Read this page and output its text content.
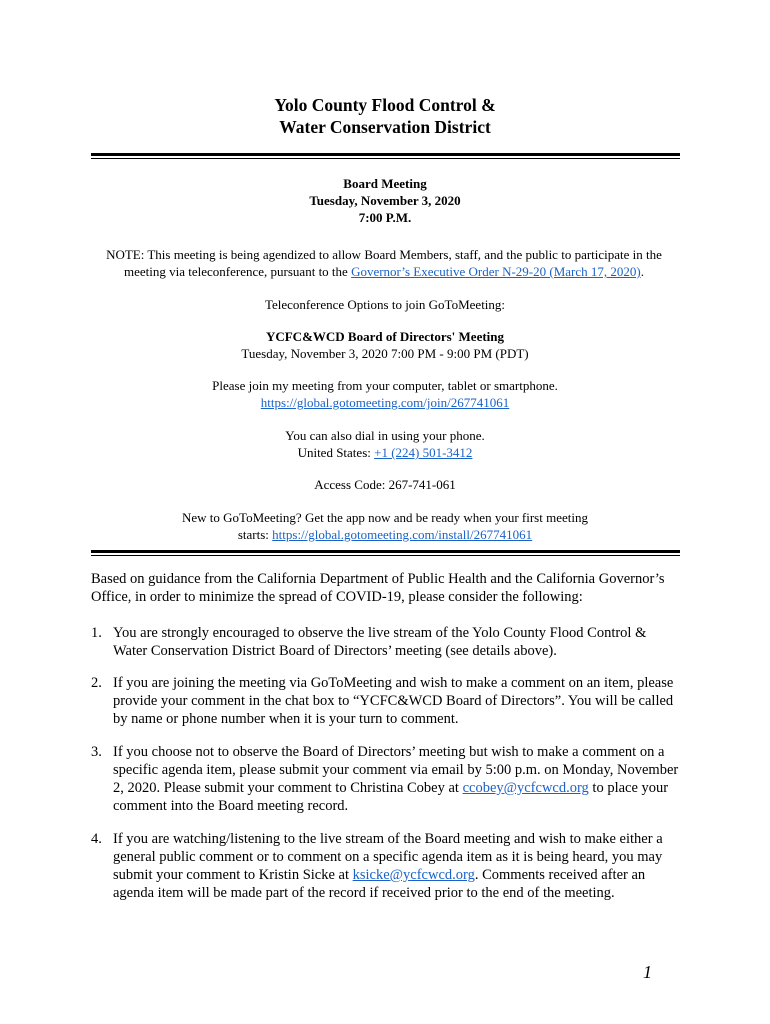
Yolo County Flood Control &
Water Conservation District
Board Meeting
Tuesday, November 3, 2020
7:00 P.M.
NOTE: This meeting is being agendized to allow Board Members, staff, and the public to participate in the meeting via teleconference, pursuant to the Governor’s Executive Order N-29-20 (March 17, 2020).
Teleconference Options to join GoToMeeting:
YCFC&WCD Board of Directors' Meeting
Tuesday, November 3, 2020 7:00 PM - 9:00 PM (PDT)
Please join my meeting from your computer, tablet or smartphone.
https://global.gotomeeting.com/join/267741061
You can also dial in using your phone.
United States: +1 (224) 501-3412
Access Code: 267-741-061
New to GoToMeeting? Get the app now and be ready when your first meeting
starts: https://global.gotomeeting.com/install/267741061
Based on guidance from the California Department of Public Health and the California Governor’s Office, in order to minimize the spread of COVID-19, please consider the following:
1. You are strongly encouraged to observe the live stream of the Yolo County Flood Control & Water Conservation District Board of Directors’ meeting (see details above).
2. If you are joining the meeting via GoToMeeting and wish to make a comment on an item, please provide your comment in the chat box to “YCFC&WCD Board of Directors”. You will be called by name or phone number when it is your turn to comment.
3. If you choose not to observe the Board of Directors’ meeting but wish to make a comment on a specific agenda item, please submit your comment via email by 5:00 p.m. on Monday, November 2, 2020. Please submit your comment to Christina Cobey at ccobey@ycfcwcd.org to place your comment into the Board meeting record.
4. If you are watching/listening to the live stream of the Board meeting and wish to make either a general public comment or to comment on a specific agenda item as it is being heard, you may submit your comment to Kristin Sicke at ksicke@ycfcwcd.org. Comments received after an agenda item will be made part of the record if received prior to the end of the meeting.
1
